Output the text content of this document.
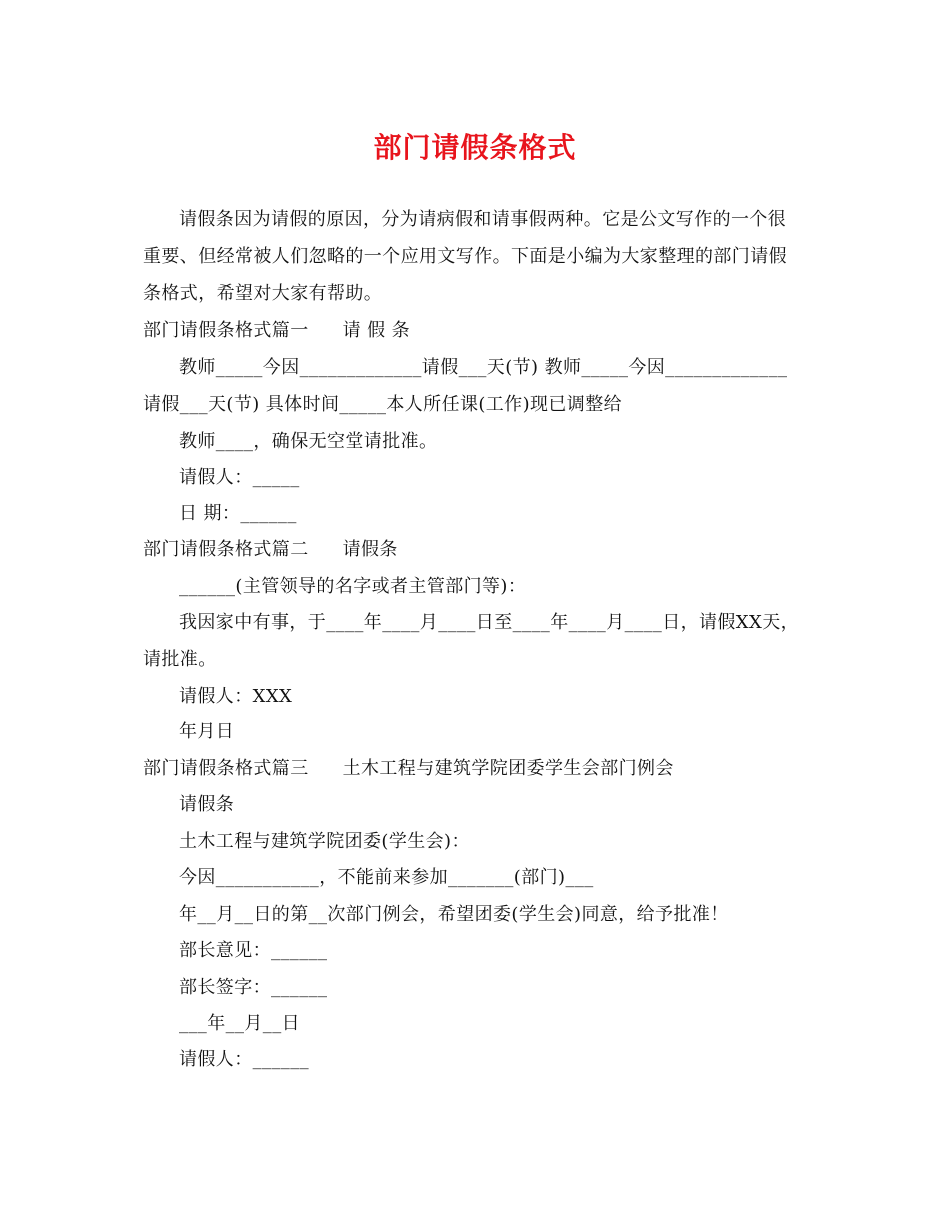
部门请假条格式
请假条因为请假的原因，分为请病假和请事假两种。它是公文写作的一个很
重要、但经常被人们忽略的一个应用文写作。下面是小编为大家整理的部门请假
条格式，希望对大家有帮助。
部门请假条格式篇一 请 假 条
教师_____今因_____________请假___天(节) 教师_____今因_____________
请假___天(节) 具体时间_____本人所任课(工作)现已调整给
教师____，确保无空堂请批准。
请假人：_____
日 期：______
部门请假条格式篇二 请假条
______(主管领导的名字或者主管部门等)：
我因家中有事，于____年____月____日至____年____月____日，请假XX天，
请批准。
请假人：XXX
年月日
部门请假条格式篇三 土木工程与建筑学院团委学生会部门例会
请假条
土木工程与建筑学院团委(学生会)：
今因___________，不能前来参加_______(部门)___
年__月__日的第__次部门例会，希望团委(学生会)同意，给予批准！
部长意见：______
部长签字：______
___年__月__日
请假人：______
